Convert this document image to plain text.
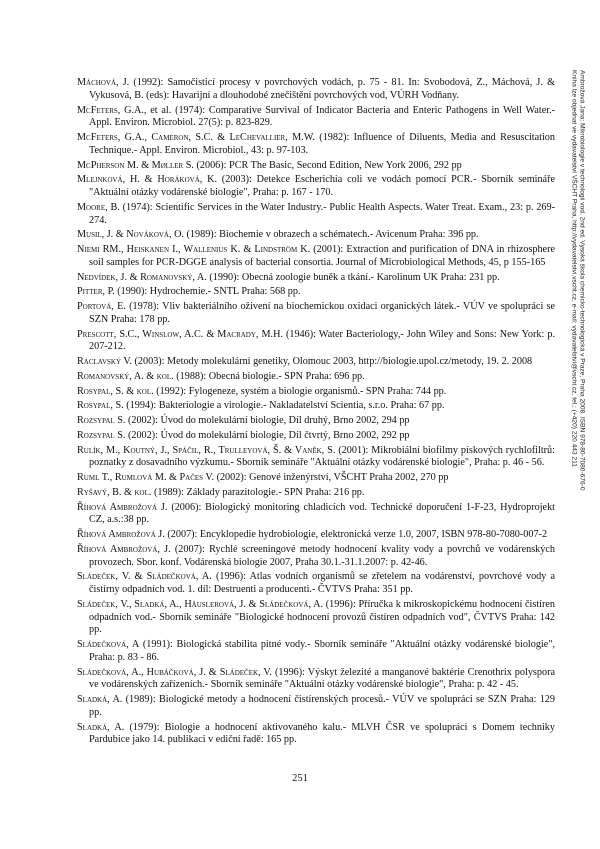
Máchová, J. (1992): Samočisticí procesy v povrchových vodách, p. 75 - 81. In: Svobodová, Z., Máchová, J. & Vykusová, B. (eds): Havarijní a dlouhodobé znečištění povrchových vod, VÚRH Vodňany.
McFeters, G.A., et al. (1974): Comparative Survival of Indicator Bacteria and Enteric Pathogens in Well Water.- Appl. Environ. Microbiol. 27(5): p. 823-829.
McFeters, G.A., Cameron, S.C. & LeChevallier, M.W. (1982): Influence of Diluents, Media and Resuscitation Technique.- Appl. Environ. Microbiol., 43: p. 97-103.
McPherson M. & Møller S. (2006): PCR The Basic, Second Edition, New York 2006, 292 pp
Mlejnková, H. & Horáková, K. (2003): Detekce Escherichia coli ve vodách pomocí PCR.- Sborník semináře "Aktuální otázky vodárenské biologie", Praha: p. 167 - 170.
Moore, B. (1974): Scientific Services in the Water Industry.- Public Health Aspects. Water Treat. Exam., 23: p. 269-274.
Musil, J. & Nováková, O. (1989): Biochemie v obrazech a schématech.- Avicenum Praha: 396 pp.
Niemi RM., Heiskanen I., Wallenius K. & Lindström K. (2001): Extraction and purification of DNA in rhizosphere soil samples for PCR-DGGE analysis of bacterial consortia. Journal of Microbiological Methods, 45, p 155-165
Nedvídek, J. & Romanovský, A. (1990): Obecná zoologie buněk a tkání.- Karolinum UK Praha: 231 pp.
Pitter, P. (1990): Hydrochemie.- SNTL Praha: 568 pp.
Portová, E. (1978): Vliv bakteriálního oživení na biochemickou oxidaci organických látek.- VÚV ve spolupráci se SZN Praha: 178 pp.
Prescott, S.C., Winslow, A.C. & Macrady, M.H. (1946): Water Bacteriology,- John Wiley and Sons: New York: p. 207-212.
Raclavský V. (2003): Metody molekulární genetiky, Olomouc 2003, http://biologie.upol.cz/metody, 19. 2. 2008
Romanovský, A. & kol. (1988): Obecná biologie.- SPN Praha: 696 pp.
Rosypal, S. & kol. (1992): Fylogeneze, systém a biologie organismů.- SPN Praha: 744 pp.
Rosypal, S. (1994): Bakteriologie a virologie.- Nakladatelství Scientia, s.r.o. Praha: 67 pp.
Rozsypal S. (2002): Úvod do molekulární biologie, Díl druhý, Brno 2002, 294 pp
Rozsypal S. (2002): Úvod do molekulární biologie, Díl čtvrtý, Brno 2002, 292 pp
Rulík, M., Koutný, J., Spáčil, R., Trulleyová, Š. & Vaněk, S. (2001): Mikrobiální biofilmy pískových rychlofiltrů: poznatky z dosavadního výzkumu.- Sborník semináře "Aktuální otázky vodárenské biologie", Praha: p. 46 - 56.
Ruml T., Rumlová M. & Pačes V. (2002): Genové inženýrství, VŠCHT Praha 2002, 270 pp
Ryšavý, B. & kol. (1989): Základy parazitologie.- SPN Praha: 216 pp.
Říhová Ambrožová J. (2006): Biologický monitoring chladicích vod. Technické doporučení 1-F-23, Hydroprojekt CZ, a.s.:38 pp.
Říhová Ambrožová J. (2007): Encyklopedie hydrobiologie, elektronická verze 1.0, 2007, ISBN 978-80-7080-007-2
Říhová Ambrožová, J. (2007): Rychlé screeningové metody hodnocení kvality vody a povrchů ve vodárenských provozech. Sbor. konf. Vodárenská biologie 2007, Praha 30.1.-31.1.2007: p. 42-46.
Sládeček, V. & Sládečková, A. (1996): Atlas vodních organismů se zřetelem na vodárenství, povrchové vody a čistírny odpadních vod. 1. díl: Destruenti a producenti.- ČVTVS Praha: 351 pp.
Sládeček, V., Sladká, A., Häuslerová, J. & Sládečková, A. (1996): Příručka k mikroskopickému hodnocení čistíren odpadních vod.- Sborník semináře "Biologické hodnocení provozů čistíren odpadních vod", ČVTVS Praha: 142 pp.
Sládečková, A (1991): Biologická stabilita pitné vody.- Sborník semináře "Aktuální otázky vodárenské biologie", Praha: p. 83 - 86.
Sládečková, A., Hubáčková, J. & Sládeček, V. (1996): Výskyt železité a manganové baktérie Crenothrix polyspora ve vodárenských zařízeních.- Sborník semináře "Aktuální otázky vodárenské biologie", Praha: p. 42 - 45.
Sladká, A. (1989): Biologické metody a hodnocení čistírenských procesů.- VÚV ve spolupráci se SZN Praha: 129 pp.
Sladká, A. (1979): Biologie a hodnocení aktivovaného kalu.- MLVH ČSR ve spolupráci s Domem techniky Pardubice jako 14. publikaci v ediční řadě: 165 pp.
251
Ambrožová Jana: Mikrobiologie v technologii vod. 2nd ed. Vysoká škola chemicko-technologická v Praze, Praha 2008. ISBN 978-80-7080-676-0
Kniha lze objednat ve vydavatelství VŠCHT Praha, http://vydavatelstvi.vscht.cz, e-mail: vydavatelstvi@vscht.cz, tel.: (+420) 220 443 211
